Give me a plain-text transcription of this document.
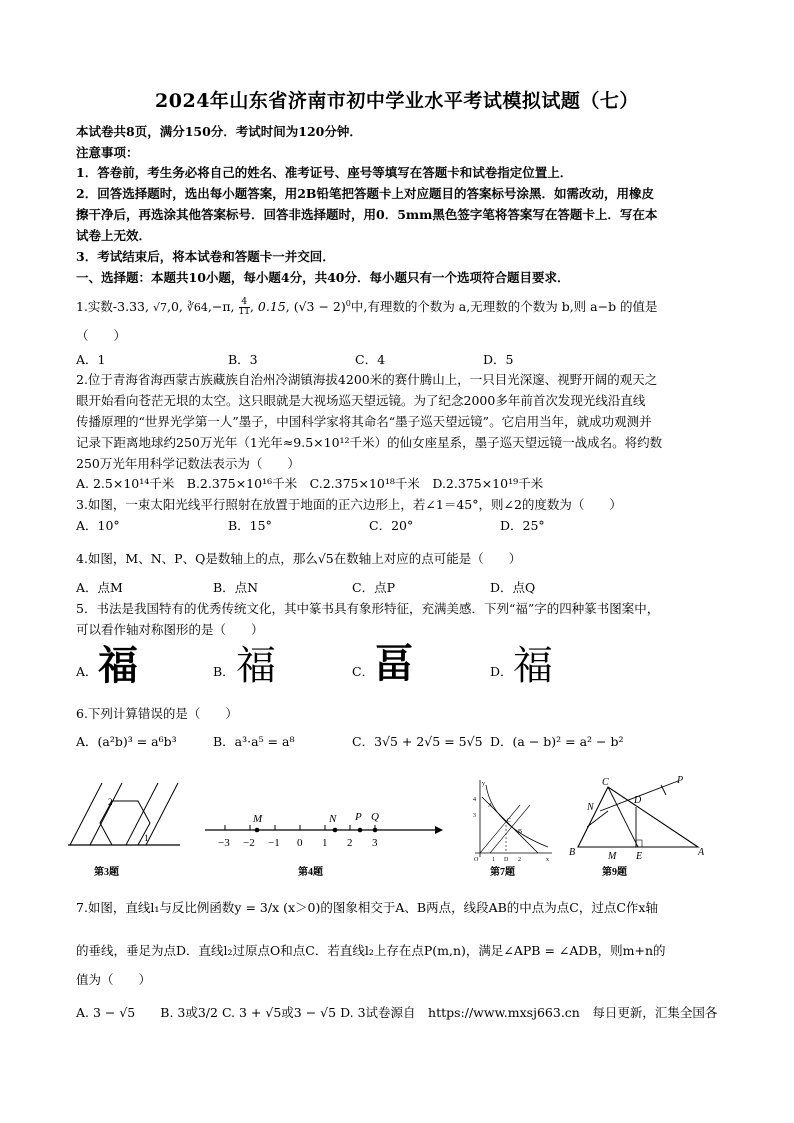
2024年山东省济南市初中学业水平考试模拟试题（七）
本试卷共8页，满分150分．考试时间为120分钟．
注意事项：
1．答卷前，考生务必将自己的姓名、准考证号、座号等填写在答题卡和试卷指定位置上．
2．回答选择题时，选出每小题答案，用2B铅笔把答题卡上对应题目的答案标号涂黑．如需改动，用橡皮
擦干净后，再选涂其他答案标号．回答非选择题时，用0．5mm黑色签字笔将答案写在答题卡上．写在本
试卷上无效．
3．考试结束后，将本试卷和答题卡一并交回．
一、选择题：本题共10小题，每小题4分，共40分．每小题只有一个选项符合题目要求．
1.实数-3.33, √7,0, ∛64,−π, $\frac{4}{11}$ , 0.15, $(√3 - 2)^0$中,有理数的个数为 a,无理数的个数为 b,则 a−b 的值是
（　　）
A．1	B．3	C．4	D．5
2.位于青海省海西蒙古族藏族自治州冷湖镇海拔4200米的赛什腾山上，一只目光深邃、视野开阔的观天之
眼开始看向苍茫无垠的太空。这只眼就是大视场巡天望远镜。为了纪念2000多年前首次发现光线沿直线
传播原理的“世界光学第一人”墨子，中国科学家将其命名“墨子巡天望远镜”。它启用当年，就成功观测并
记录下距离地球约250万光年（1光年≈9.5×10¹²千米）的仙女座星系，墨子巡天望远镜一战成名。将约数
250万光年用科学记数法表示为（　　）
A. 2.5×10¹⁴千米　B.2.375×10¹⁶千米　C.2.375×10¹⁸千米　D.2.375×10¹⁹千米
3.如图，一束太阳光线平行照射在放置于地面的正六边形上，若∠1＝45°，则∠2的度数为（　　）
A．10°	B．15°	C．20°	D．25°
4.如图，M、N、P、Q是数轴上的点，那么√5在数轴上对应的点可能是（　　）
A．点M	B．点N	C．点P	D．点Q
5．书法是我国特有的优秀传统文化，其中篆书具有象形特征，充满美感．下列“福”字的四种篆书图案中，
可以看作轴对称图形的是（　　）
A． 福	B． 福	C． 畐	D． 福
6.下列计算错误的是（　　）
A．(a²b)³ = a⁶b³	B．a³·a⁵ = a⁸	C．3√5 + 2√5 = 5√5 D．(a − b)² = a² − b²
2
1
第3题
−3 −2 −1 0 1 2 3
M	N P Q
第4题
y
4
3
A
C
B
O	D	x
1	2
第7题
C	P
N
D
B	M E	A
第9题
7.如图，直线l₁与反比例函数y = 3/x (x＞0)的图象相交于A、B两点，线段AB的中点为点C，过点C作x轴
的垂线，垂足为点D．直线l₂过原点O和点C．若直线l₂上存在点P(m,n)，满足∠APB = ∠ADB，则m+n的
值为（　　）
A. 3 − √5　　B. 3或3/2 C. 3 + √5或3 − √5 D. 3试卷源自　https://www.mxsj663.cn　每日更新，汇集全国各
